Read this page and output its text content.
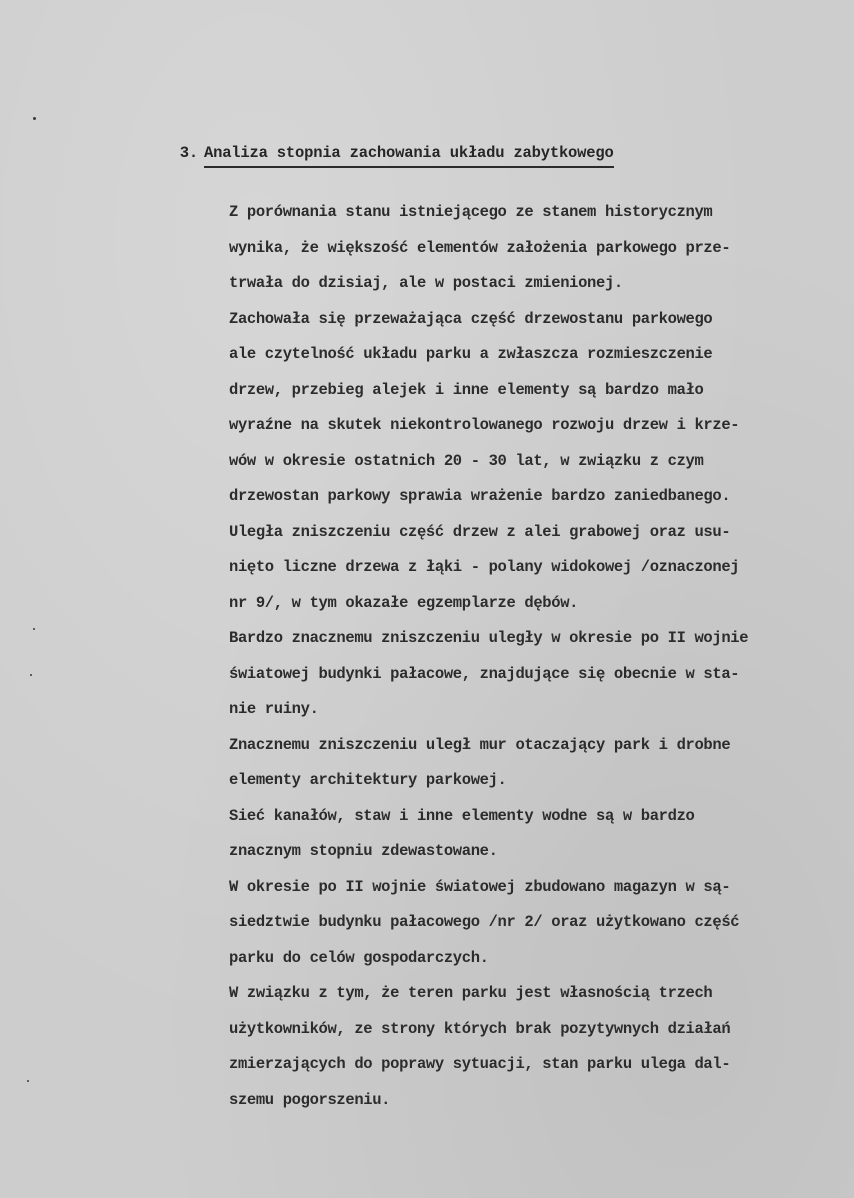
3. Analiza stopnia zachowania układu zabytkowego
Z porównania stanu istniejącego ze stanem historycznym
wynika, że większość elementów założenia parkowego prze-
trwała do dzisiaj, ale w postaci zmienionej.
Zachowała się przeważająca część drzewostanu parkowego
ale czytelność układu parku a zwłaszcza rozmieszczenie
drzew, przebieg alejek i inne elementy są bardzo mało
wyraźne na skutek niekontrolowanego rozwoju drzew i krze-
wów w okresie ostatnich 20 - 30 lat, w związku z czym
drzewostan parkowy sprawia wrażenie bardzo zaniedbanego.
Uległa zniszczeniu część drzew z alei grabowej oraz usu-
nięto liczne drzewa z łąki - polany widokowej /oznaczonej
nr 9/, w tym okazałe egzemplarze dębów.
Bardzo znacznemu zniszczeniu uległy w okresie po II wojnie
światowej budynki pałacowe, znajdujące się obecnie w sta-
nie ruiny.
Znacznemu zniszczeniu uległ mur otaczający park i drobne
elementy architektury parkowej.
Sieć kanałów, staw i inne elementy wodne są w bardzo
znacznym stopniu zdewastowane.
W okresie po II wojnie światowej zbudowano magazyn w są-
siedztwie budynku pałacowego /nr 2/ oraz użytkowano część
parku do celów gospodarczych.
W związku z tym, że teren parku jest własnością trzech
użytkowników, ze strony których brak pozytywnych działań
zmierzających do poprawy sytuacji, stan parku ulega dal-
szemu pogorszeniu.
